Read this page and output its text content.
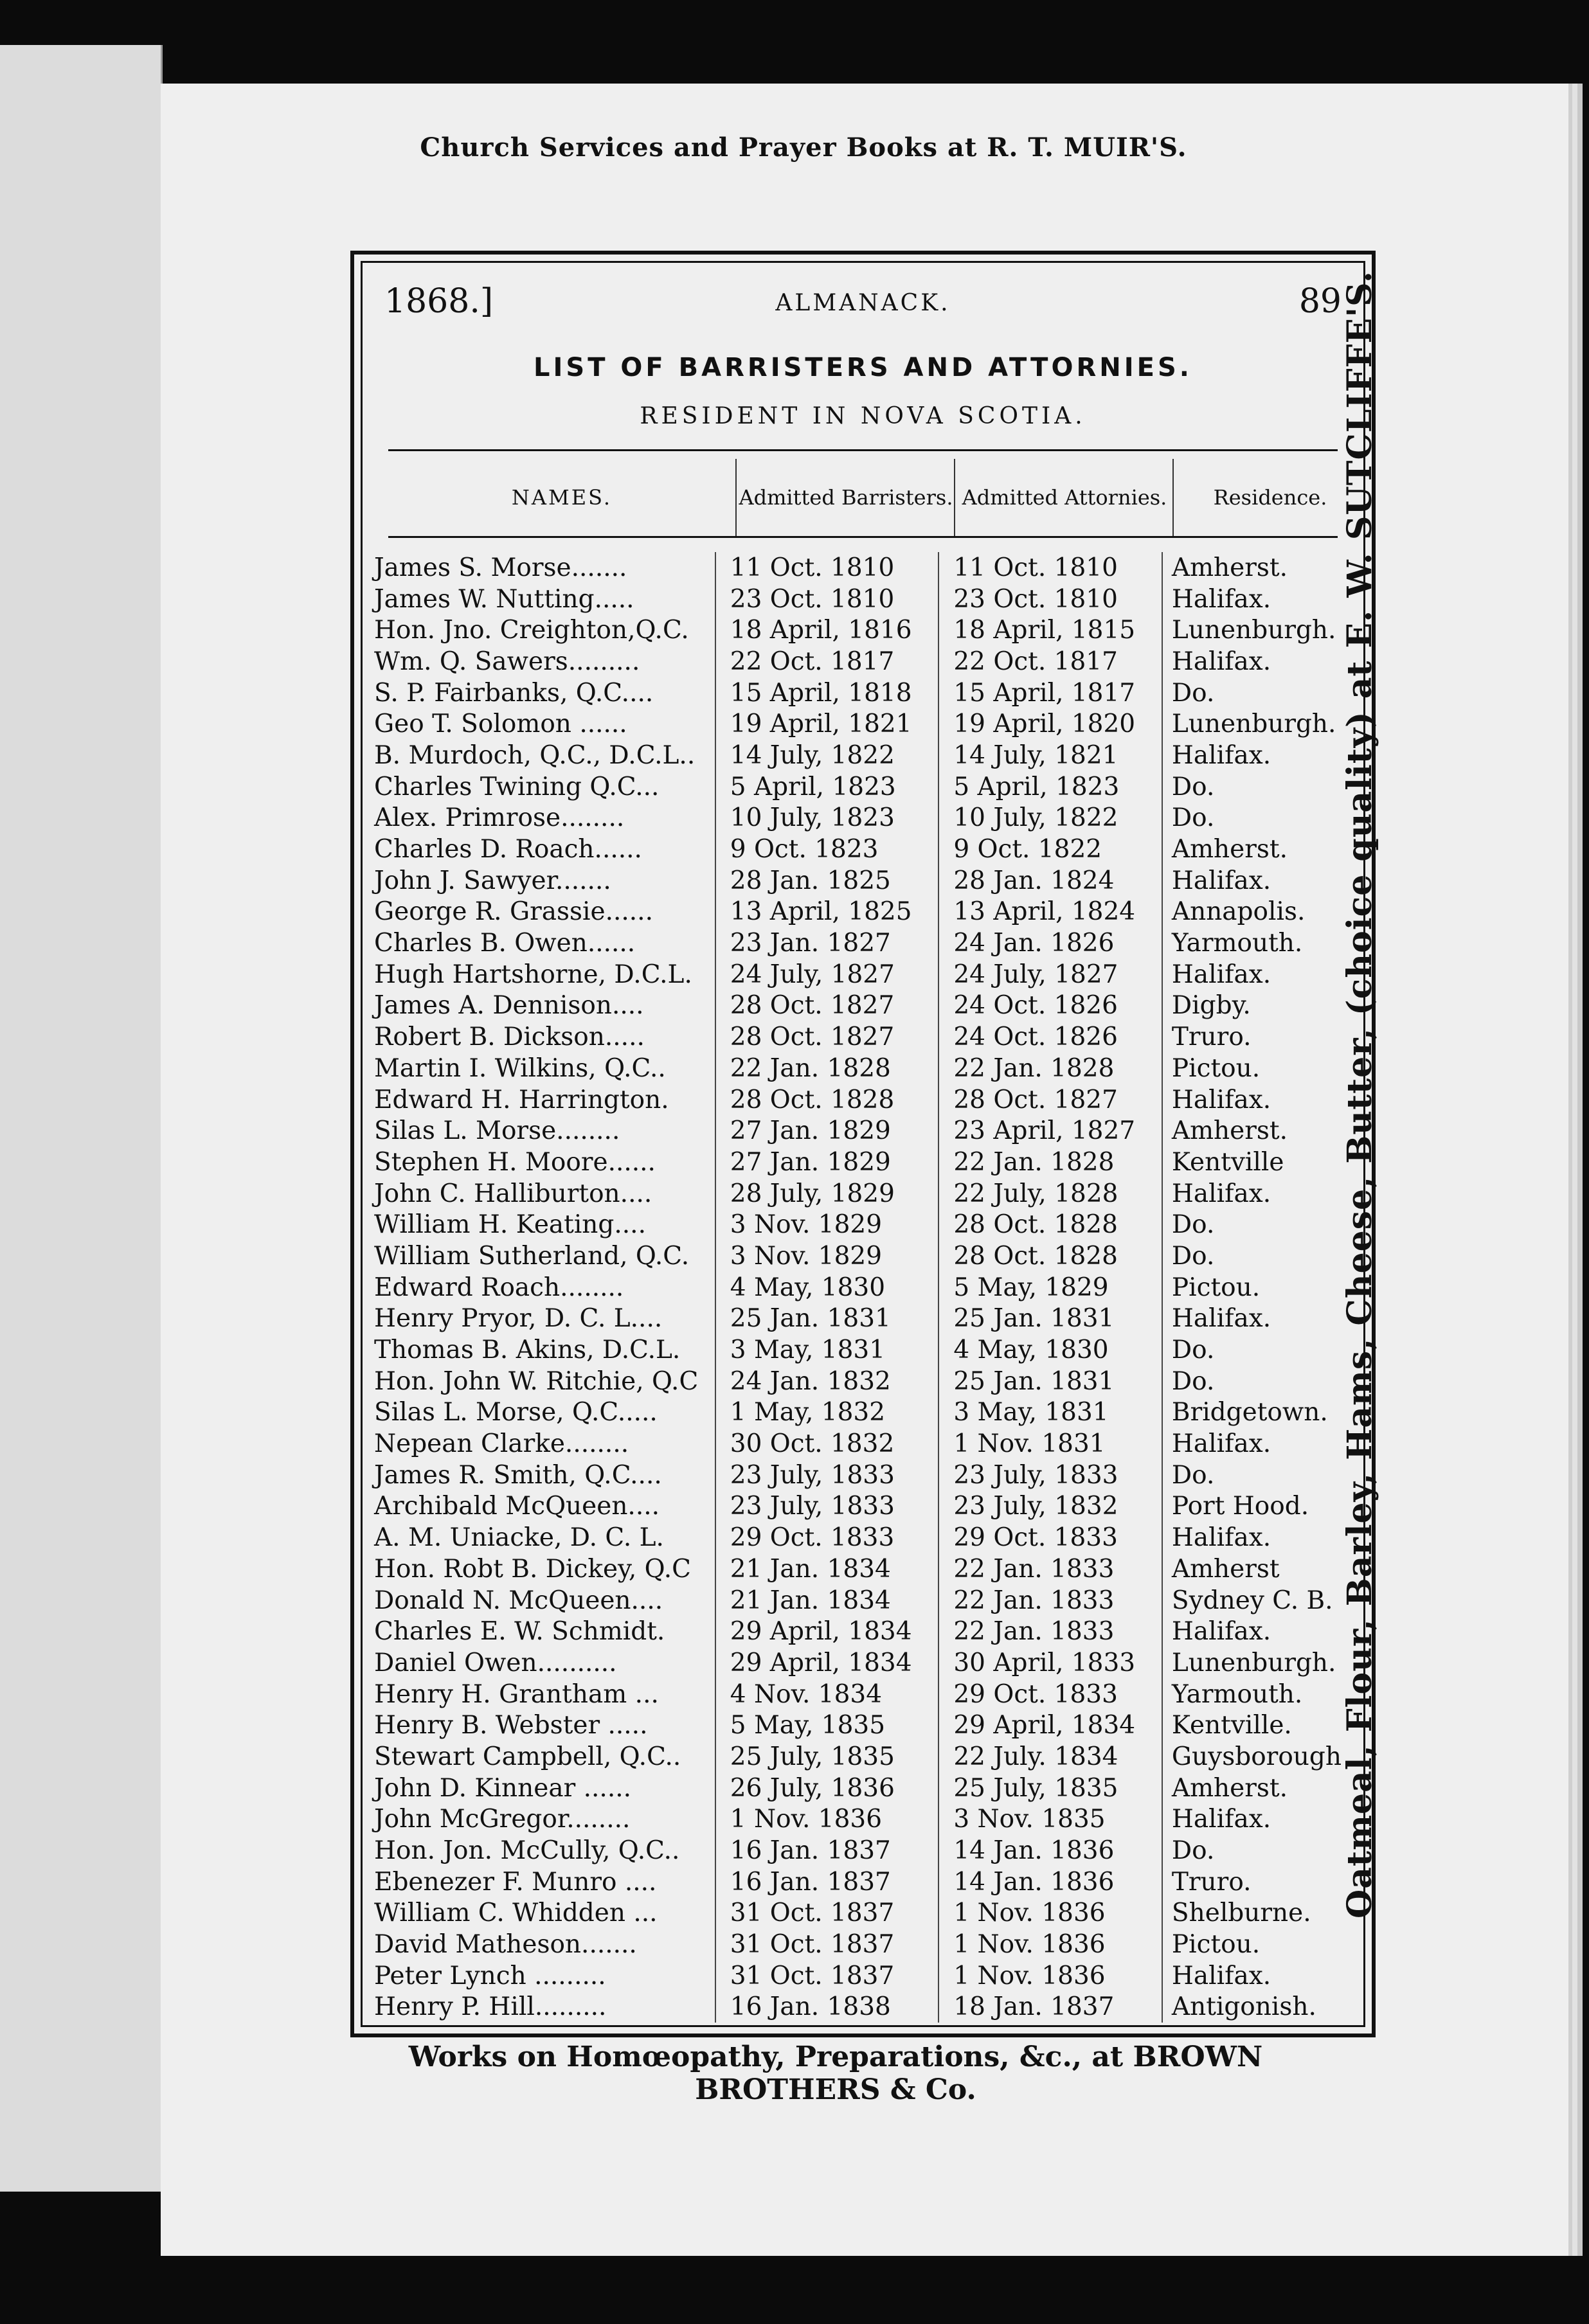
Church Services and Prayer Books at R. T. MUIR'S.
1868.]	ALMANACK.	89
LIST OF BARRISTERS AND ATTORNIES.
RESIDENT IN NOVA SCOTIA.
NAMES.	Admitted Barristers. Admitted Attornies.	Residence.
James S. Morse.......	11 Oct. 1810	11 Oct. 1810	Amherst.
James W. Nutting.....	23 Oct. 1810	23 Oct. 1810	Halifax.
Hon. Jno. Creighton,Q.C.	18 April, 1816	18 April, 1815	Lunenburgh.
Wm. Q. Sawers.........	22 Oct. 1817	22 Oct. 1817	Halifax.
S. P. Fairbanks, Q.C....	15 April, 1818	15 April, 1817	Do.
Geo T. Solomon ......	19 April, 1821	19 April, 1820	Lunenburgh.
B. Murdoch, Q.C., D.C.L..	14 July, 1822	14 July, 1821	Halifax.
Charles Twining Q.C...	5 April, 1823	5 April, 1823	Do.
Alex. Primrose........	10 July, 1823	10 July, 1822	Do.
Charles D. Roach......	9 Oct. 1823	9 Oct. 1822	Amherst.
John J. Sawyer.......	28 Jan. 1825	28 Jan. 1824	Halifax.
George R. Grassie......	13 April, 1825	13 April, 1824	Annapolis.
Charles B. Owen......	23 Jan. 1827	24 Jan. 1826	Yarmouth.
Hugh Hartshorne, D.C.L.	24 July, 1827	24 July, 1827	Halifax.
James A. Dennison....	28 Oct. 1827	24 Oct. 1826	Digby.
Robert B. Dickson.....	28 Oct. 1827	24 Oct. 1826	Truro.
Martin I. Wilkins, Q.C..	22 Jan. 1828	22 Jan. 1828	Pictou.
Edward H. Harrington.	28 Oct. 1828	28 Oct. 1827	Halifax.
Silas L. Morse........	27 Jan. 1829	23 April, 1827	Amherst.
Stephen H. Moore......	27 Jan. 1829	22 Jan. 1828	Kentville
John C. Halliburton....	28 July, 1829	22 July, 1828	Halifax.
William H. Keating....	3 Nov. 1829	28 Oct. 1828	Do.
William Sutherland, Q.C.	3 Nov. 1829	28 Oct. 1828	Do.
Edward Roach........	4 May, 1830	5 May, 1829	Pictou.
Henry Pryor, D. C. L....	25 Jan. 1831	25 Jan. 1831	Halifax.
Thomas B. Akins, D.C.L.	3 May, 1831	4 May, 1830	Do.
Hon. John W. Ritchie, Q.C	24 Jan. 1832	25 Jan. 1831	Do.
Silas L. Morse, Q.C.....	1 May, 1832	3 May, 1831	Bridgetown.
Nepean Clarke........	30 Oct. 1832	1 Nov. 1831	Halifax.
James R. Smith, Q.C....	23 July, 1833	23 July, 1833	Do.
Archibald McQueen....	23 July, 1833	23 July, 1832	Port Hood.
A. M. Uniacke, D. C. L.	29 Oct. 1833	29 Oct. 1833	Halifax.
Hon. Robt B. Dickey, Q.C	21 Jan. 1834	22 Jan. 1833	Amherst
Donald N. McQueen....	21 Jan. 1834	22 Jan. 1833	Sydney C. B.
Charles E. W. Schmidt.	29 April, 1834	22 Jan. 1833	Halifax.
Daniel Owen..........	29 April, 1834	30 April, 1833	Lunenburgh.
Henry H. Grantham ...	4 Nov. 1834	29 Oct. 1833	Yarmouth.
Henry B. Webster .....	5 May, 1835	29 April, 1834	Kentville.
Stewart Campbell, Q.C..	25 July, 1835	22 July. 1834	Guysborough
John D. Kinnear ......	26 July, 1836	25 July, 1835	Amherst.
John McGregor........	1 Nov. 1836	3 Nov. 1835	Halifax.
Hon. Jon. McCully, Q.C..	16 Jan. 1837	14 Jan. 1836	Do.
Ebenezer F. Munro ....	16 Jan. 1837	14 Jan. 1836	Truro.
William C. Whidden ...	31 Oct. 1837	1 Nov. 1836	Shelburne.
David Matheson.......	31 Oct. 1837	1 Nov. 1836	Pictou.
Peter Lynch .........	31 Oct. 1837	1 Nov. 1836	Halifax.
Henry P. Hill.........	16 Jan. 1838	18 Jan. 1837	Antigonish.
Oatmeal, Flour, Barley, Hams, Cheese, Butter, (choice quality) at E. W. SUTCLIFFE'S.
Works on Homœopathy, Preparations, &c., at BROWN BROTHERS & Co.
